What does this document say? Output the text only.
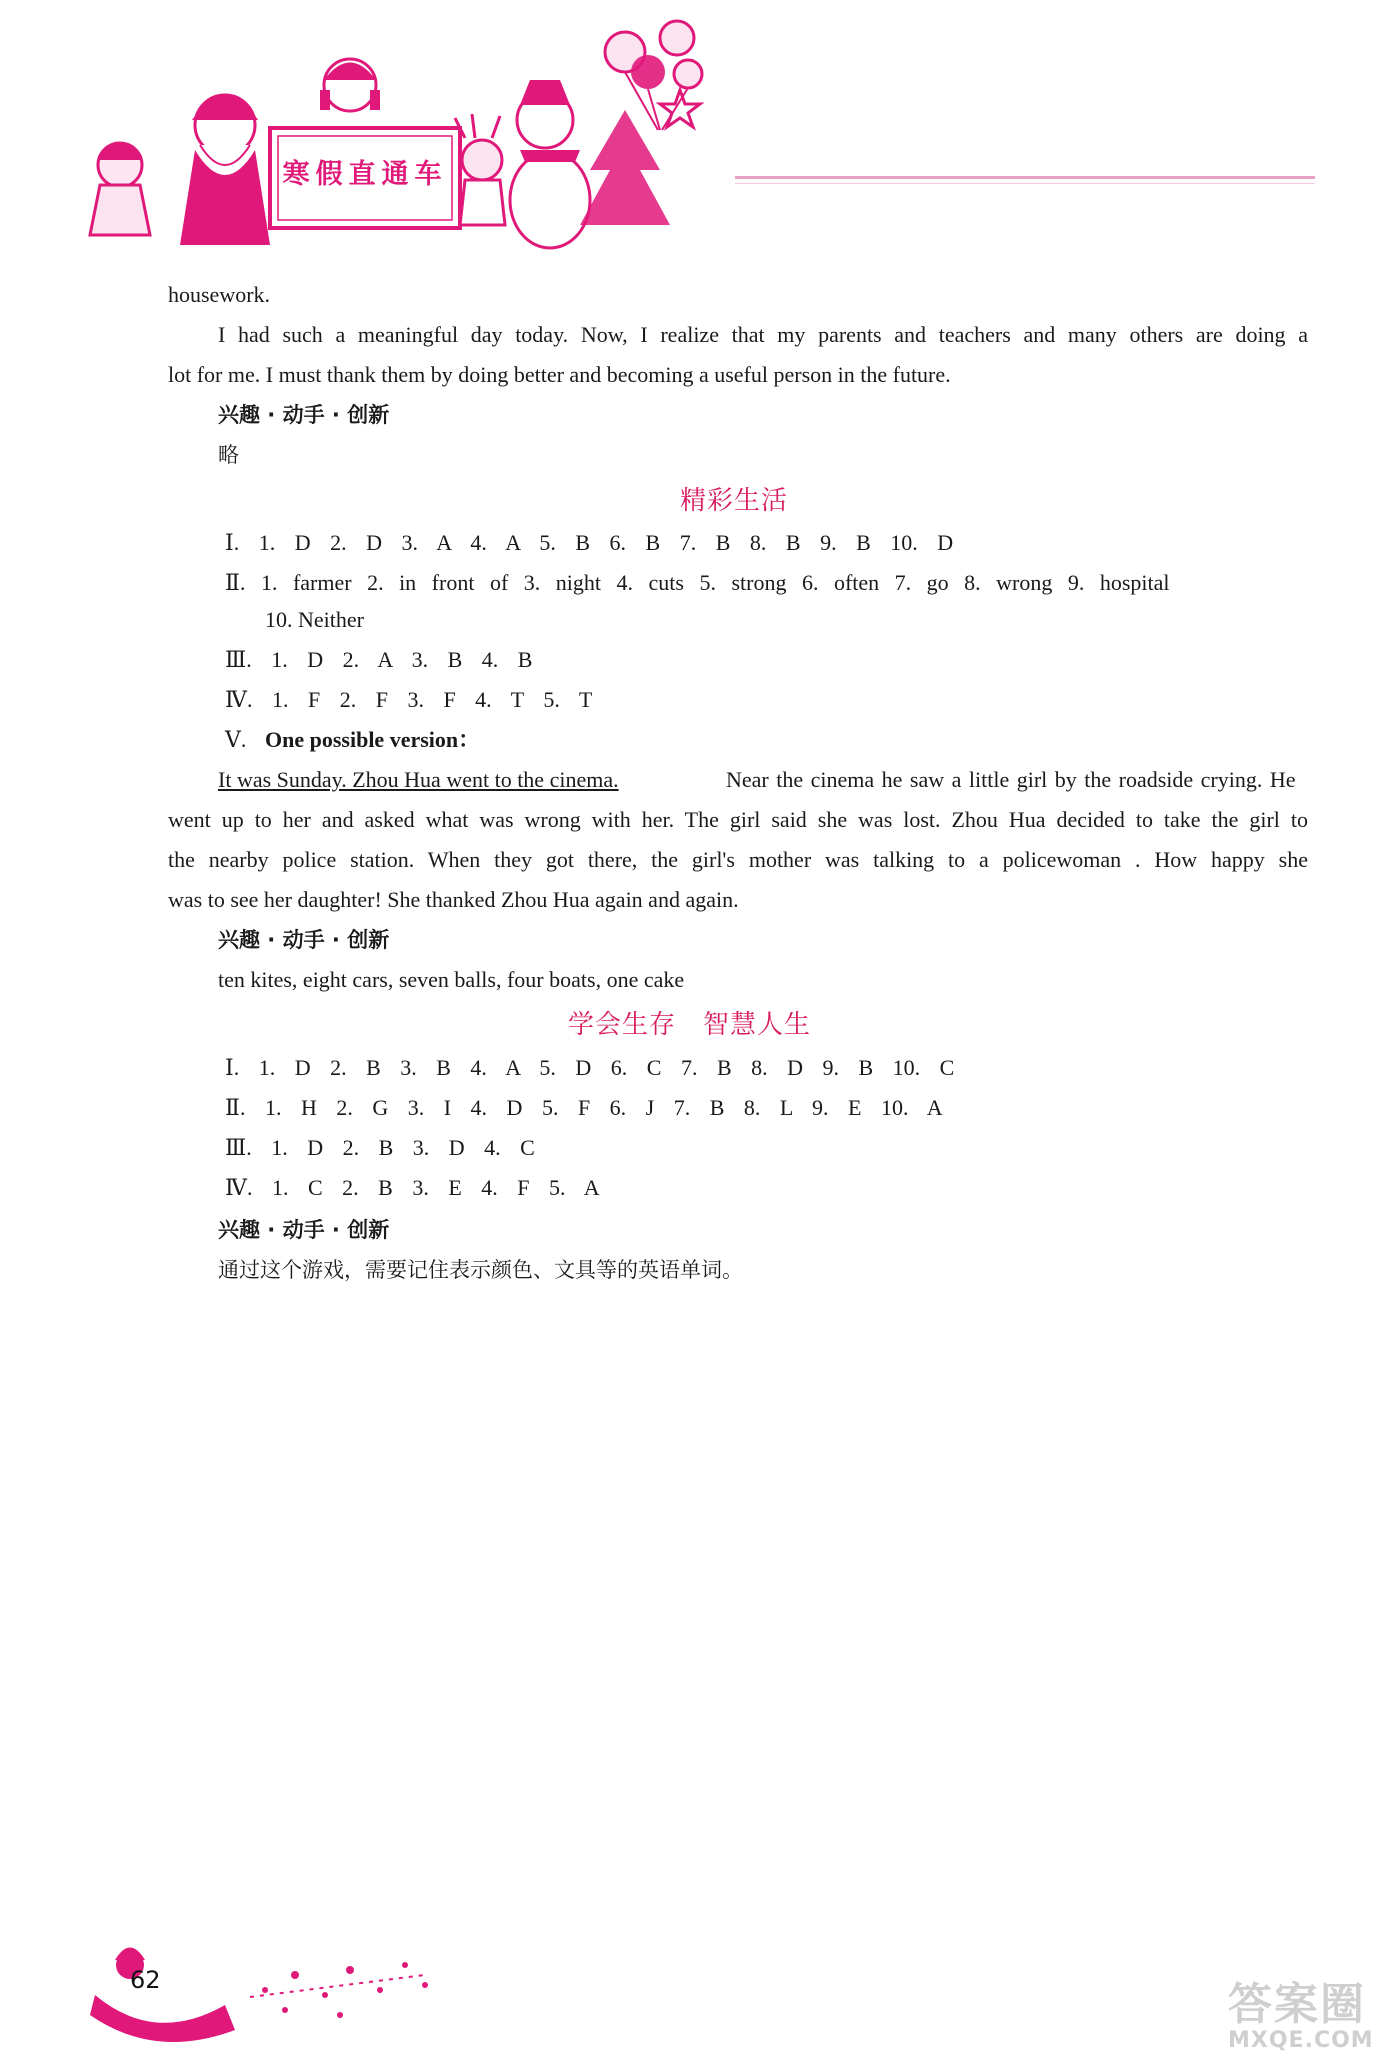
寒假直通车
housework.
I had such a meaningful day today. Now, I realize that my parents and teachers and many others are doing a
lot for me. I must thank them by doing better and becoming a useful person in the future.
兴趣 · 动手 · 创新
略
精彩生活
Ⅰ. 1. D 2. D 3. A 4. A 5. B 6. B 7. B 8. B 9. B 10. D
Ⅱ. 1. farmer 2. in front of 3. night 4. cuts 5. strong 6. often 7. go 8. wrong 9. hospital
10. Neither
Ⅲ. 1. D 2. A 3. B 4. B
Ⅳ. 1. F 2. F 3. F 4. T 5. T
Ⅴ. One possible version：
It was Sunday. Zhou Hua went to the cinema.	Near the cinema he saw a little girl by the roadside crying. He
went up to her and asked what was wrong with her. The girl said she was lost. Zhou Hua decided to take the girl to
the nearby police station. When they got there, the girl's mother was talking to a policewoman . How happy she
was to see her daughter! She thanked Zhou Hua again and again.
兴趣 · 动手 · 创新
ten kites, eight cars, seven balls, four boats, one cake
学会生存　智慧人生
Ⅰ. 1. D 2. B 3. B 4. A 5. D 6. C 7. B 8. D 9. B 10. C
Ⅱ. 1. H 2. G 3. I 4. D 5. F 6. J 7. B 8. L 9. E 10. A
Ⅲ. 1. D 2. B 3. D 4. C
Ⅳ. 1. C 2. B 3. E 4. F 5. A
兴趣 · 动手 · 创新
通过这个游戏，需要记住表示颜色、文具等的英语单词。
62	答案圈
MXQE.COM
